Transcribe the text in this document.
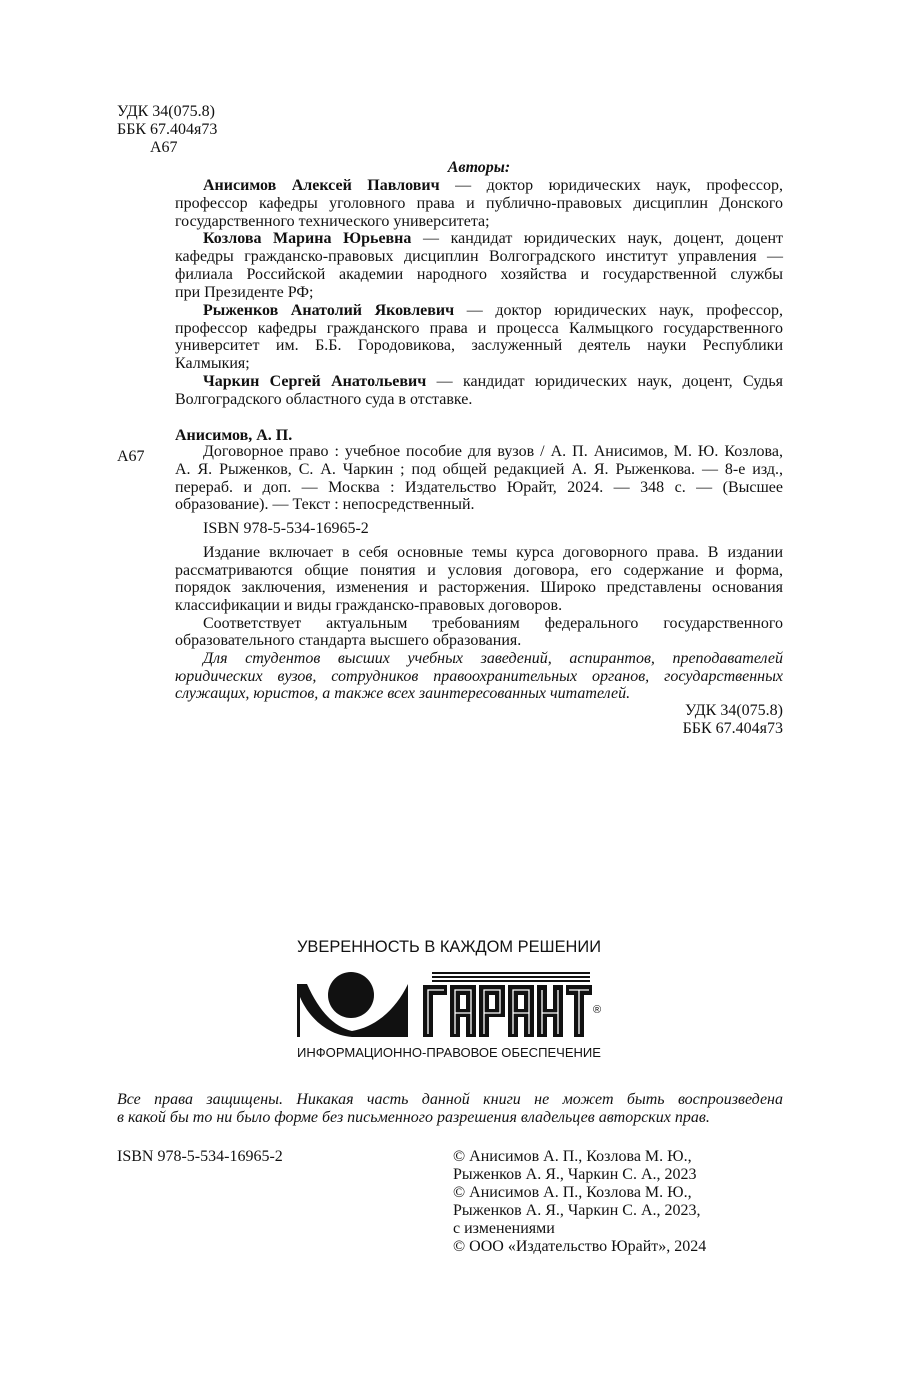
УДК 34(075.8)
ББК 67.404я73
А67
Авторы:
Анисимов Алексей Павлович — доктор юридических наук, профессор,
профессор кафедры уголовного права и публично-правовых дисциплин Донского
государственного технического университета;
Козлова Марина Юрьевна — кандидат юридических наук, доцент, доцент
кафедры гражданско-правовых дисциплин Волгоградского институт управления —
филиала Российской академии народного хозяйства и государственной службы
при Президенте РФ;
Рыженков Анатолий Яковлевич — доктор юридических наук, профессор,
профессор кафедры гражданского права и процесса Калмыцкого государственного
университет им. Б.Б. Городовикова, заслуженный деятель науки Республики
Калмыкия;
Чаркин Сергей Анатольевич — кандидат юридических наук, доцент, Судья
Волгоградского областного суда в отставке.
Анисимов, А. П.
А67	Договорное право : учебное пособие для вузов / А. П. Анисимов, М. Ю. Козлова,
А. Я. Рыженков, С. А. Чаркин ; под общей редакцией А. Я. Рыженкова. — 8-е изд.,
перераб. и доп. — Москва : Издательство Юрайт, 2024. — 348 с. — (Высшее
образование). — Текст : непосредственный.
ISBN 978-5-534-16965-2
Издание включает в себя основные темы курса договорного права. В издании
рассматриваются общие понятия и условия договора, его содержание и форма,
порядок заключения, изменения и расторжения. Широко представлены основания
классификации и виды гражданско-правовых договоров.
Соответствует актуальным требованиям федерального государственного
образовательного стандарта высшего образования.
Для студентов высших учебных заведений, аспирантов, преподавателей
юридических вузов, сотрудников правоохранительных органов, государственных
служащих, юристов, а также всех заинтересованных читателей.
УДК 34(075.8)
ББК 67.404я73
УВЕРЕННОСТЬ В КАЖДОМ РЕШЕНИИ
®
ИНФОРМАЦИОННО-ПРАВОВОЕ ОБЕСПЕЧЕНИЕ
Все права защищены. Никакая часть данной книги не может быть воспроизведена
в какой бы то ни было форме без письменного разрешения владельцев авторских прав.
ISBN 978-5-534-16965-2	© Анисимов А. П., Козлова М. Ю.,
Рыженков А. Я., Чаркин С. А., 2023
© Анисимов А. П., Козлова М. Ю.,
Рыженков А. Я., Чаркин С. А., 2023,
с изменениями
© ООО «Издательство Юрайт», 2024
